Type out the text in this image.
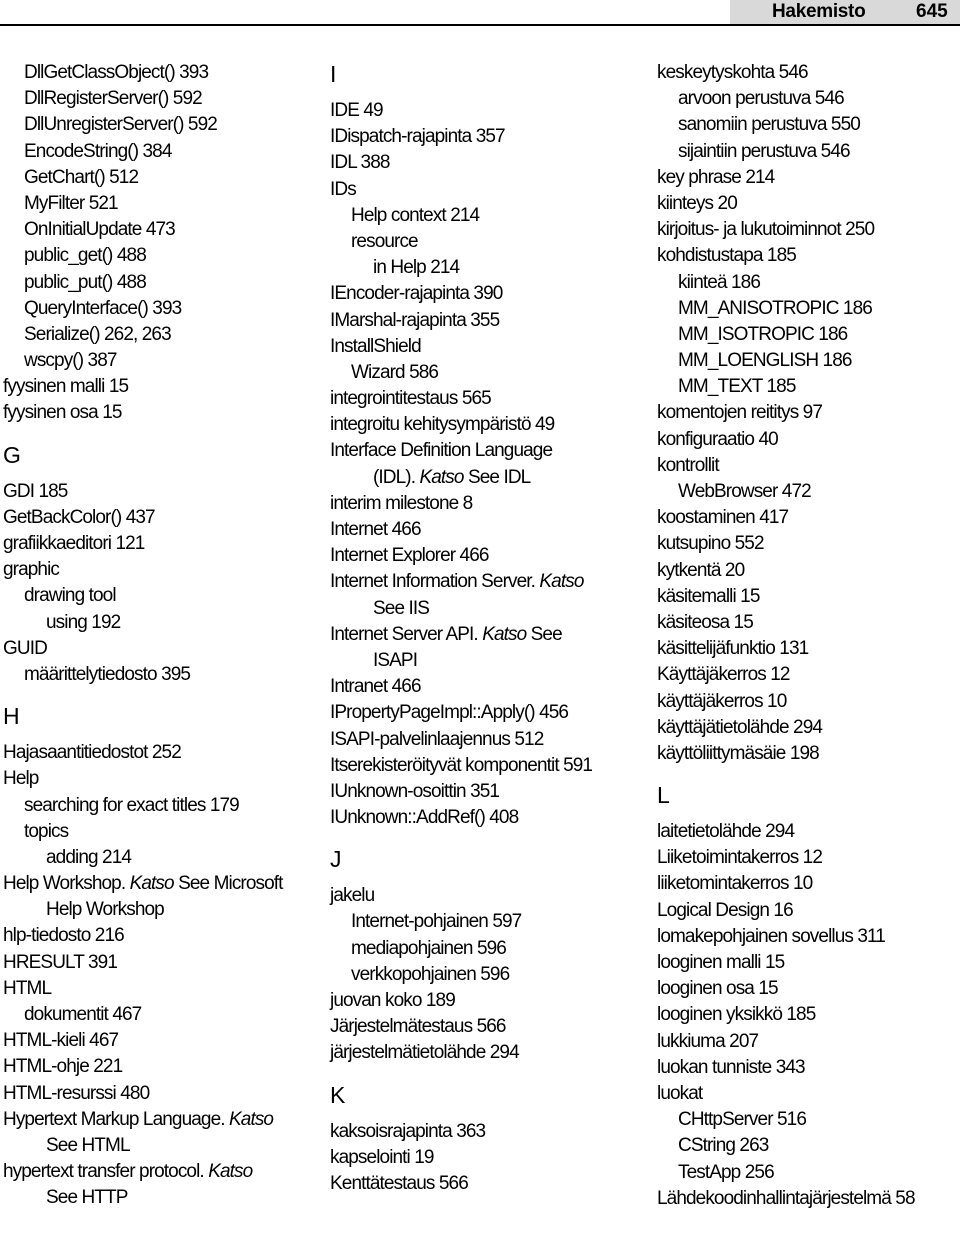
Hakemisto	645
DllGetClassObject() 393
DllRegisterServer() 592
DllUnregisterServer() 592
EncodeString() 384
GetChart() 512
MyFilter 521
OnInitialUpdate 473
public_get() 488
public_put() 488
QueryInterface() 393
Serialize() 262, 263
wscpy() 387
fyysinen malli 15
fyysinen osa 15
G
GDI 185
GetBackColor() 437
grafiikkaeditori 121
graphic
drawing tool
using 192
GUID
määrittelytiedosto 395
H
Hajasaantitiedostot 252
Help
searching for exact titles 179
topics
adding 214
Help Workshop. Katso See Microsoft
Help Workshop
hlp-tiedosto 216
HRESULT 391
HTML
dokumentit 467
HTML-kieli 467
HTML-ohje 221
HTML-resurssi 480
Hypertext Markup Language. Katso
See HTML
hypertext transfer protocol. Katso
See HTTP
I
IDE 49
IDispatch-rajapinta 357
IDL 388
IDs
Help context 214
resource
in Help 214
IEncoder-rajapinta 390
IMarshal-rajapinta 355
InstallShield
Wizard 586
integrointitestaus 565
integroitu kehitysympäristö 49
Interface Definition Language
(IDL). Katso See IDL
interim milestone 8
Internet 466
Internet Explorer 466
Internet Information Server. Katso
See IIS
Internet Server API. Katso See
ISAPI
Intranet 466
IPropertyPageImpl::Apply() 456
ISAPI-palvelinlaajennus 512
Itserekisteröityvät komponentit 591
IUnknown-osoittin 351
IUnknown::AddRef() 408
J
jakelu
Internet-pohjainen 597
mediapohjainen 596
verkkopohjainen 596
juovan koko 189
Järjestelmätestaus 566
järjestelmätietolähde 294
K
kaksoisrajapinta 363
kapselointi 19
Kenttätestaus 566
keskeytyskohta 546
arvoon perustuva 546
sanomiin perustuva 550
sijaintiin perustuva 546
key phrase 214
kiinteys 20
kirjoitus- ja lukutoiminnot 250
kohdistustapa 185
kiinteä 186
MM_ANISOTROPIC 186
MM_ISOTROPIC 186
MM_LOENGLISH 186
MM_TEXT 185
komentojen reititys 97
konfiguraatio 40
kontrollit
WebBrowser 472
koostaminen 417
kutsupino 552
kytkentä 20
käsitemalli 15
käsiteosa 15
käsittelijäfunktio 131
Käyttäjäkerros 12
käyttäjäkerros 10
käyttäjätietolähde 294
käyttöliittymäsäie 198
L
laitetietolähde 294
Liiketoimintakerros 12
liiketomintakerros 10
Logical Design 16
lomakepohjainen sovellus 311
looginen malli 15
looginen osa 15
looginen yksikkö 185
lukkiuma 207
luokan tunniste 343
luokat
CHttpServer 516
CString 263
TestApp 256
Lähdekoodinhallintajärjestelmä 58
